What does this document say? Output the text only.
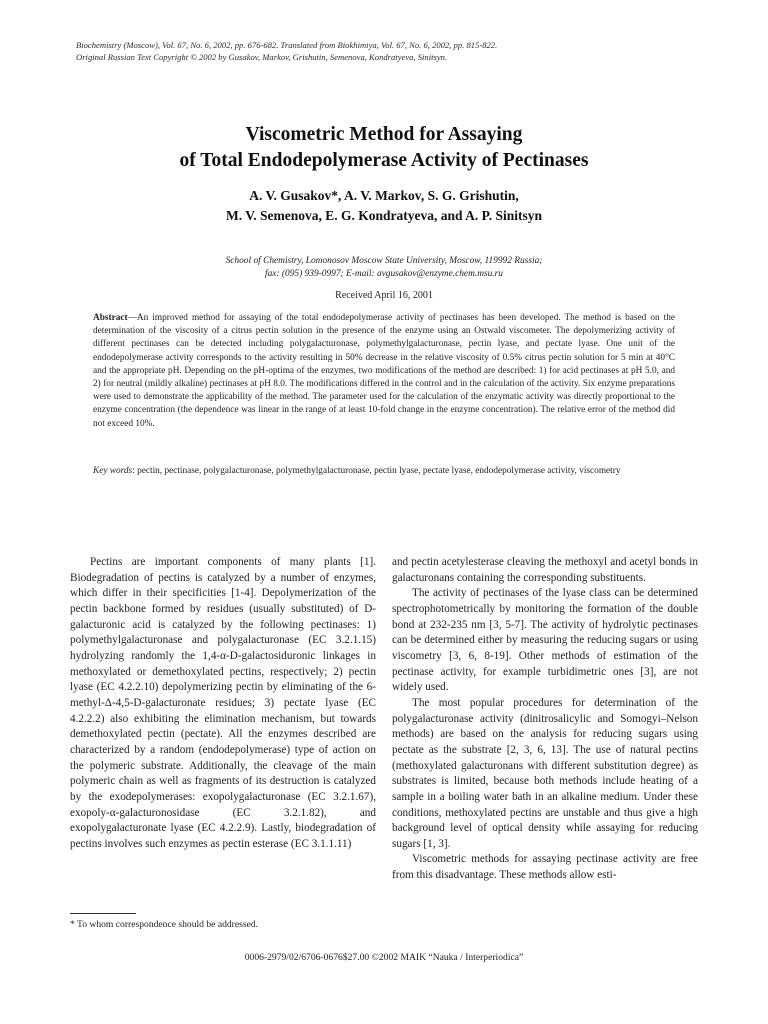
Biochemistry (Moscow), Vol. 67, No. 6, 2002, pp. 676-682. Translated from Biokhimiya, Vol. 67, No. 6, 2002, pp. 815-822.
Original Russian Text Copyright © 2002 by Gusakov, Markov, Grishutin, Semenova, Kondratyeva, Sinitsyn.
Viscometric Method for Assaying
of Total Endodepolymerase Activity of Pectinases
A. V. Gusakov*, A. V. Markov, S. G. Grishutin,
M. V. Semenova, E. G. Kondratyeva, and A. P. Sinitsyn
School of Chemistry, Lomonosov Moscow State University, Moscow, 119992 Russia;
fax: (095) 939-0997; E-mail: avgusakov@enzyme.chem.msu.ru
Received April 16, 2001
Abstract—An improved method for assaying of the total endodepolymerase activity of pectinases has been developed. The method is based on the determination of the viscosity of a citrus pectin solution in the presence of the enzyme using an Ostwald viscometer. The depolymerizing activity of different pectinases can be detected including polygalacturonase, polymethylgalacturonase, pectin lyase, and pectate lyase. One unit of the endodepolymerase activity corresponds to the activity resulting in 50% decrease in the relative viscosity of 0.5% citrus pectin solution for 5 min at 40°C and the appropriate pH. Depending on the pH-optima of the enzymes, two modifications of the method are described: 1) for acid pectinases at pH 5.0, and 2) for neutral (mildly alkaline) pectinases at pH 8.0. The modifications differed in the control and in the calculation of the activity. Six enzyme preparations were used to demonstrate the applicability of the method. The parameter used for the calculation of the enzymatic activity was directly proportional to the enzyme concentration (the dependence was linear in the range of at least 10-fold change in the enzyme concentration). The relative error of the method did not exceed 10%.
Key words: pectin, pectinase, polygalacturonase, polymethylgalacturonase, pectin lyase, pectate lyase, endodepolymerase activity, viscometry

Pectins are important components of many plants [1]. Biodegradation of pectins is catalyzed by a number of enzymes, which differ in their specificities [1-4]. Depolymerization of the pectin backbone formed by residues (usually substituted) of D-galacturonic acid is catalyzed by the following pectinases: 1) polymethylgalacturonase and polygalacturonase (EC 3.2.1.15) hydrolyzing randomly the 1,4-α-D-galactosiduronic linkages in methoxylated or demethoxylated pectins, respectively; 2) pectin lyase (EC 4.2.2.10) depolymerizing pectin by eliminating of the 6-methyl-Δ-4,5-D-galacturonate residues; 3) pectate lyase (EC 4.2.2.2) also exhibiting the elimination mechanism, but towards demethoxylated pectin (pectate). All the enzymes described are characterized by a random (endodepolymerase) type of action on the polymeric substrate. Additionally, the cleavage of the main polymeric chain as well as fragments of its destruction is catalyzed by the exodepolymerases: exopolygalacturonase (EC 3.2.1.67), exopoly-α-galacturonosidase (EC 3.2.1.82), and exopolygalacturonate lyase (EC 4.2.2.9). Lastly, biodegradation of pectins involves such enzymes as pectin esterase (EC 3.1.1.11)

and pectin acetylesterase cleaving the methoxyl and acetyl bonds in galacturonans containing the corresponding substituents.

The activity of pectinases of the lyase class can be determined spectrophotometrically by monitoring the formation of the double bond at 232-235 nm [3, 5-7]. The activity of hydrolytic pectinases can be determined either by measuring the reducing sugars or using viscometry [3, 6, 8-19]. Other methods of estimation of the pectinase activity, for example turbidimetric ones [3], are not widely used.

The most popular procedures for determination of the polygalacturonase activity (dinitrosalicylic and Somogyi–Nelson methods) are based on the analysis for reducing sugars using pectate as the substrate [2, 3, 6, 13]. The use of natural pectins (methoxylated galacturonans with different substitution degree) as substrates is limited, because both methods include heating of a sample in a boiling water bath in an alkaline medium. Under these conditions, methoxylated pectins are unstable and thus give a high background level of optical density while assaying for reducing sugars [1, 3].

Viscometric methods for assaying pectinase activity are free from this disadvantage. These methods allow esti-

* To whom correspondence should be addressed.
0006-2979/02/6706-0676$27.00 ©2002 MAIK “Nauka / Interperiodica”
